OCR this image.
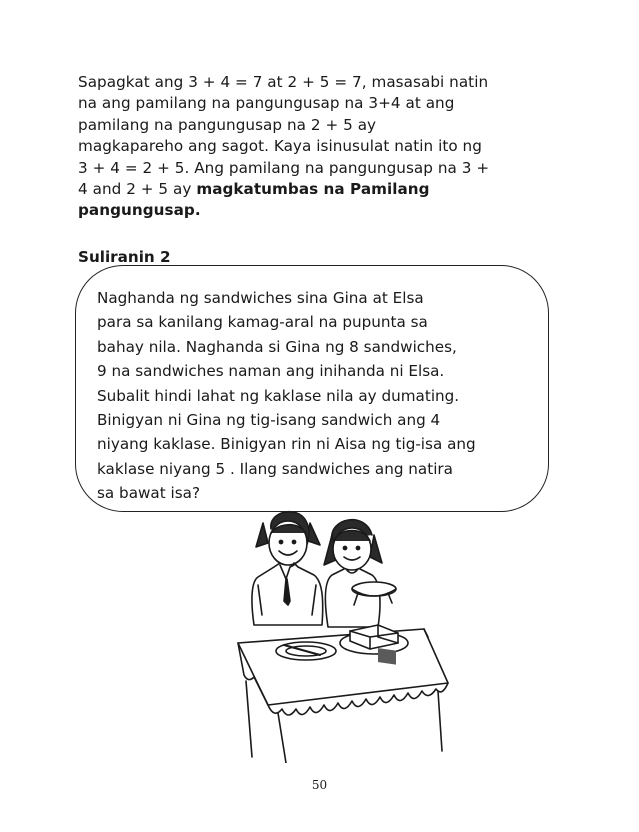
Sapagkat ang 3 + 4 = 7 at 2 + 5 = 7, masasabi natin
na ang pamilang na pangungusap na 3+4 at ang
pamilang na pangungusap na 2 + 5 ay
magkapareho ang sagot. Kaya isinusulat natin ito ng
3 + 4 = 2 + 5. Ang pamilang na pangungusap na 3 +
4 and 2 + 5 ay magkatumbas na Pamilang
pangungusap.
Suliranin 2
Naghanda ng sandwiches sina Gina at Elsa
para sa kanilang kamag-aral na pupunta sa
bahay nila. Naghanda si Gina ng 8 sandwiches,
9 na sandwiches naman ang inihanda ni Elsa.
Subalit hindi lahat ng kaklase nila ay dumating.
Binigyan ni Gina ng tig-isang sandwich ang 4
niyang kaklase. Binigyan rin ni Aisa ng tig-isa ang
kaklase niyang 5 . Ilang sandwiches ang natira
sa bawat isa?
50
